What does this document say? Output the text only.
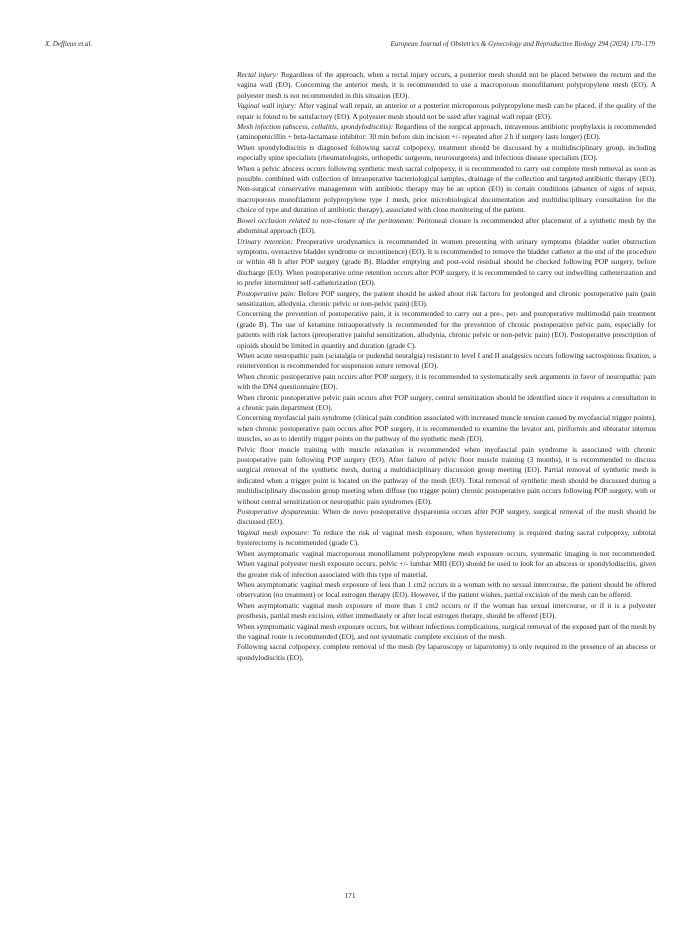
X. Deffieux et al.	European Journal of Obstetrics & Gynecology and Reproductive Biology 294 (2024) 170–179

Rectal injury: Regardless of the approach, when a rectal injury occurs, a posterior mesh should not be placed between the rectum and the vagina wall (EO). Concerning the anterior mesh, it is recommended to use a macroporous monofilament polypropylene mesh (EO). A polyester mesh is not recommended in this situation (EO).

Vaginal wall injury: After vaginal wall repair, an anterior or a posterior microporous polypropylene mesh can be placed, if the quality of the repair is found to be satisfactory (EO). A polyester mesh should not be used after vaginal wall repair (EO).

Mesh infection (abscess, cellulitis, spondylodiscitis): Regardless of the surgical approach, intravenous antibiotic prophylaxis is recommended (aminopenicillin + beta-lactamase inhibitor: 30 min before skin incision +/- repeated after 2 h if surgery lasts longer) (EO).

When spondylodiscitis is diagnosed following sacral colpopexy, treatment should be discussed by a multidisciplinary group, including especially spine specialists (rheumatologists, orthopedic surgeons, neurosurgeons) and infectious disease specialists (EO).

When a pelvic abscess occurs following synthetic mesh sacral colpopexy, it is recommended to carry out complete mesh removal as soon as possible, combined with collection of intraoperative bacteriological samples, drainage of the collection and targeted antibiotic therapy (EO). Non-surgical conservative management with antibiotic therapy may be an option (EO) in certain conditions (absence of signs of sepsis, macroporous monofilament polypropylene type 1 mesh, prior microbiological documentation and multidisciplinary consultation for the choice of type and duration of antibiotic therapy), associated with close monitoring of the patient.

Bowel occlusion related to non-closure of the peritoneum: Peritoneal closure is recommended after placement of a synthetic mesh by the abdominal approach (EO).

Urinary retention: Preoperative urodynamics is recommended in women presenting with urinary symptoms (bladder outlet obstruction symptoms, overactive bladder syndrome or incontinence) (EO). It is recommended to remove the bladder catheter at the end of the procedure or within 48 h after POP surgery (grade B). Bladder emptying and post-void residual should be checked following POP surgery, before discharge (EO). When postoperative urine retention occurs after POP surgery, it is recommended to carry out indwelling catheterization and to prefer intermittent self-catheterization (EO).

Postoperative pain: Before POP surgery, the patient should be asked about risk factors for prolonged and chronic postoperative pain (pain sensitization, allodynia, chronic pelvic or non-pelvic pain) (EO).

Concerning the prevention of postoperative pain, it is recommended to carry out a pre-, per- and postoperative multimodal pain treatment (grade B). The use of ketamine intraoperatively is recommended for the prevention of chronic postoperative pelvic pain, especially for patients with risk factors (preoperative painful sensitization, allodynia, chronic pelvic or non-pelvic pain) (EO). Postoperative prescription of opioids should be limited in quantity and duration (grade C).

When acute neuropathic pain (sciatalgia or pudendal neuralgia) resistant to level I and II analgesics occurs following sacrospinous fixation, a reintervention is recommended for suspension suture removal (EO).

When chronic postoperative pain occurs after POP surgery, it is recommended to systematically seek arguments in favor of neuropathic pain with the DN4 questionnaire (EO).

When chronic postoperative pelvic pain occurs after POP surgery, central sensitization should be identified since it requires a consultation in a chronic pain department (EO).

Concerning myofascial pain syndrome (clinical pain condition associated with increased muscle tension caused by myofascial trigger points), when chronic postoperative pain occurs after POP surgery, it is recommended to examine the levator ani, piriformis and obturator internus muscles, so as to identify trigger points on the pathway of the synthetic mesh (EO).

Pelvic floor muscle training with muscle relaxation is recommended when myofascial pain syndrome is associated with chronic postoperative pain following POP surgery (EO). After failure of pelvic floor muscle training (3 months), it is recommended to discuss surgical removal of the synthetic mesh, during a multidisciplinary discussion group meeting (EO). Partial removal of synthetic mesh is indicated when a trigger point is located on the pathway of the mesh (EO). Total removal of synthetic mesh should be discussed during a multidisciplinary discussion group meeting when diffuse (no trigger point) chronic postoperative pain occurs following POP surgery, with or without central sensitization or neuropathic pain syndromes (EO).

Postoperative dyspareunia: When de novo postoperative dyspareunia occurs after POP surgery, surgical removal of the mesh should be discussed (EO).

Vaginal mesh exposure: To reduce the risk of vaginal mesh exposure, when hysterectomy is required during sacral colpopexy, subtotal hysterectomy is recommended (grade C).

When asymptomatic vaginal macroporous monofilament polypropylene mesh exposure occurs, systematic imaging is not recommended. When vaginal polyester mesh exposure occurs, pelvic +/- lumbar MRI (EO) should be used to look for an abscess or spondylodiscitis, given the greater risk of infection associated with this type of material.

When asymptomatic vaginal mesh exposure of less than 1 cm2 occurs in a woman with no sexual intercourse, the patient should be offered observation (no treatment) or local estrogen therapy (EO). However, if the patient wishes, partial excision of the mesh can be offered.

When asymptomatic vaginal mesh exposure of more than 1 cm2 occurs or if the woman has sexual intercourse, or if it is a polyester prosthesis, partial mesh excision, either immediately or after local estrogen therapy, should be offered (EO).

When symptomatic vaginal mesh exposure occurs, but without infectious complications, surgical removal of the exposed part of the mesh by the vaginal route is recommended (EO), and not systematic complete excision of the mesh.

Following sacral colpopexy, complete removal of the mesh (by laparoscopy or laparotomy) is only required in the presence of an abscess or spondylodiscitis (EO).

171
